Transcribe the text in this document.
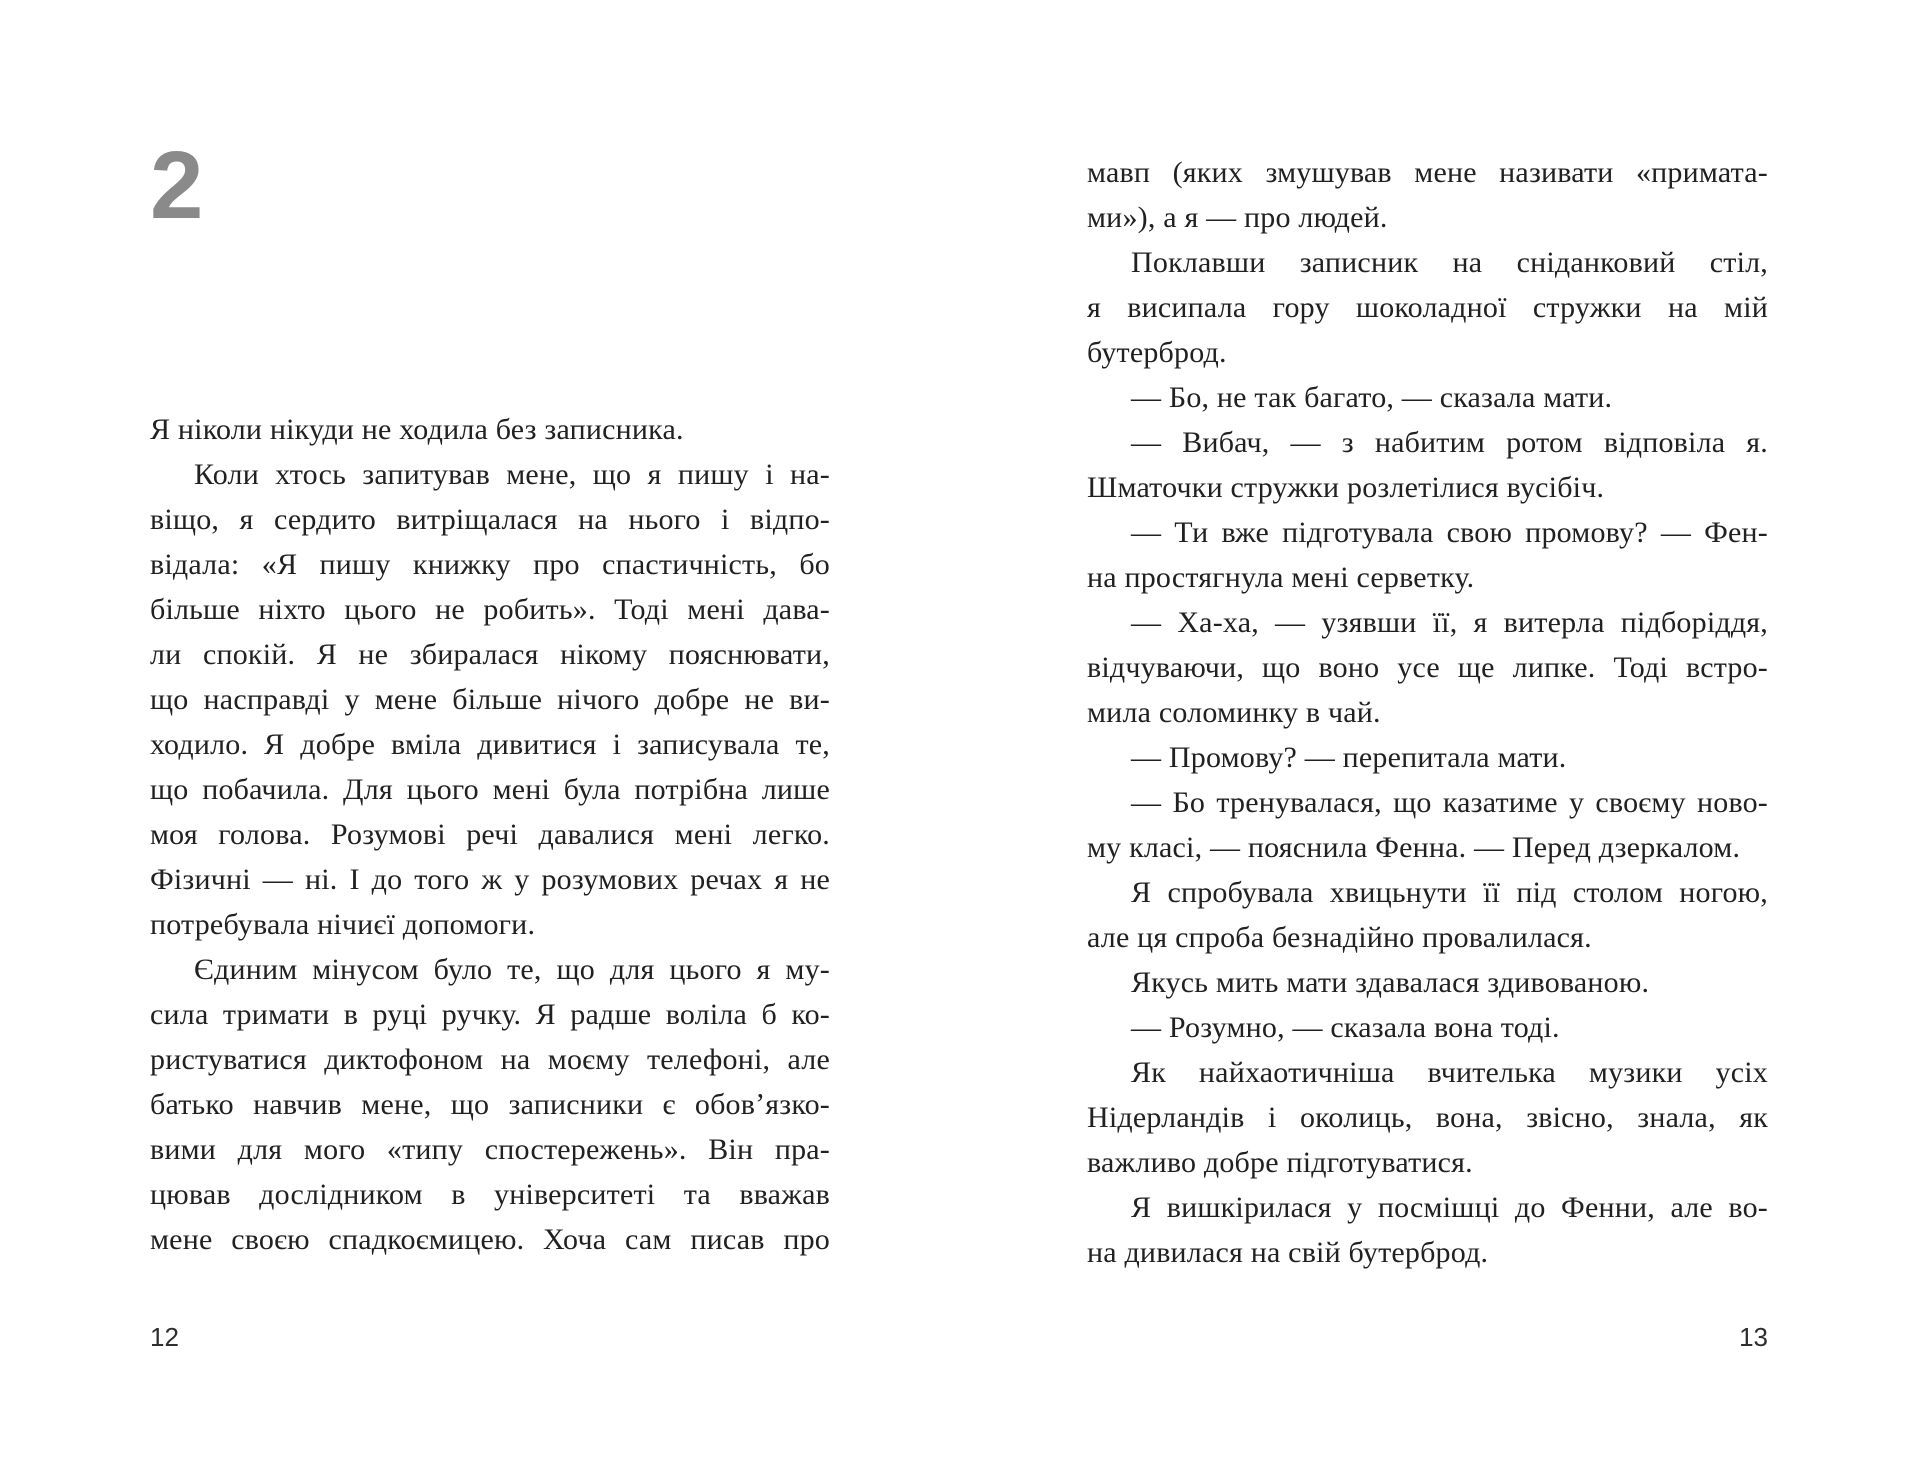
2
Я ніколи нікуди не ходила без записника.
Коли хтось запитував мене, що я пишу і на-
віщо, я сердито витріщалася на нього і відпо-
відала: «Я пишу книжку про спастичність, бо
більше ніхто цього не робить». Тоді мені дава-
ли спокій. Я не збиралася нікому пояснювати,
що насправді у мене більше нічого добре не ви-
ходило. Я добре вміла дивитися і записувала те,
що побачила. Для цього мені була потрібна лише
моя голова. Розумові речі давалися мені легко.
Фізичні — ні. І до того ж у розумових речах я не
потребувала нічиєї допомоги.
Єдиним мінусом було те, що для цього я му-
сила тримати в руці ручку. Я радше воліла б ко-
ристуватися диктофоном на моєму телефоні, але
батько навчив мене, що записники є обовʼязко-
вими для мого «типу спостережень». Він пра-
цював дослідником в університеті та вважав
мене своєю спадкоємицею. Хоча сам писав про
12
мавп (яких змушував мене називати «примата-
ми»), а я — про людей.
Поклавши записник на сніданковий стіл,
я висипала гору шоколадної стружки на мій
бутерброд.
— Бо, не так багато, — сказала мати.
— Вибач, — з набитим ротом відповіла я.
Шматочки стружки розлетілися вусібіч.
— Ти вже підготувала свою промову? — Фен-
на простягнула мені серветку.
— Ха-ха, — узявши її, я витерла підборіддя,
відчуваючи, що воно усе ще липке. Тоді встро-
мила соломинку в чай.
— Промову? — перепитала мати.
— Бо тренувалася, що казатиме у своєму ново-
му класі, — пояснила Фенна. — Перед дзеркалом.
Я спробувала хвицьнути її під столом ногою,
але ця спроба безнадійно провалилася.
Якусь мить мати здавалася здивованою.
— Розумно, — сказала вона тоді.
Як найхаотичніша вчителька музики усіх
Нідерландів і околиць, вона, звісно, знала, як
важливо добре підготуватися.
Я вишкірилася у посмішці до Фенни, але во-
на дивилася на свій бутерброд.
13
